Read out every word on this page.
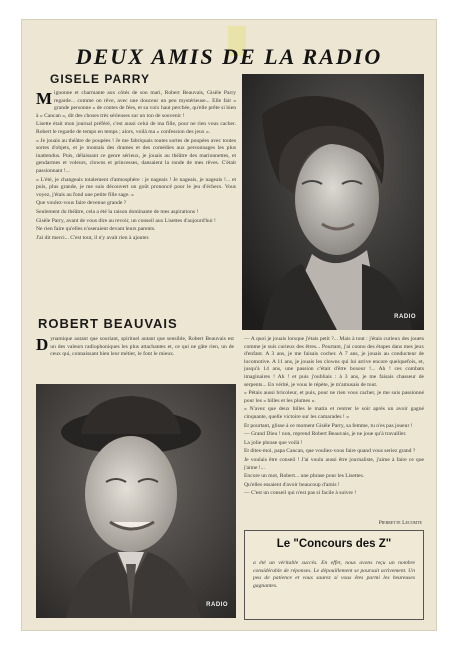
DEUX AMIS DE LA RADIO
GISELE PARRY
M ignonne et charmante aux côtés de son mari, Robert Beauvais, Gisèle Parry regarde... comme on rêve, avec une douceur un peu mystérieuse... Elle fait « grande personne » de contes de fées, et sa voix haut perchée, qu'elle prête si bien à « Cancan », dit des choses très sérieuses sur un ton de souvenir !

Lisette était mon journal préféré, c'est aussi celui de ma fille, pour ne rien vous cacher. Robert le regarde de temps en temps ; alors, voilà ma « confession des jeux ».

« Je jouais au théâtre de poupées ! Je me fabriquais toutes sortes de poupées avec toutes sortes d'objets, et je montais des drames et des comédies aux personnages les plus inattendus. Puis, délaissant ce genre sérieux, je jouais au théâtre des marionnettes, et gendarmes et voleurs, clowns et princesses, dansaient la ronde de mes rêves. C'était passionnant !...

« L'été, je changeais totalement d'atmosphère : je nageais ! Je nageais, je nageais !... et puis, plus grande, je me suis découvert un goût prononcé pour le jeu d'échecs. Vous voyez, j'étais au fond une petite fille sage. »

Que voulez-vous faire devenue grande ?

Seulement du théâtre, cela a été la raison dominante de mes aspirations !

Gisèle Parry, avant de vous dire au revoir, un conseil aux Lisettes d'aujourd'hui !

Ne rien faire qu'elles n'oseraient devant leurs parents.

J'ai dit merci... C'est tout, il n'y avait rien à ajouter.

RADIO
ROBERT BEAUVAIS
D ynamique autant que souriant, spirituel autant que sensible, Robert Beauvais est un des valeurs radiophoniques les plus attachantes et, ce qui ne gâte rien, un de ceux qui, connaissant bien leur métier, le font le mieux.

RADIO

— A quoi je jouais lorsque j'étais petit ?... Mais à tout : j'étais curieux des jouets comme je suis curieux des êtres... Pourtant, j'ai connu des étapes dans mes jeux d'enfant. A 3 ans, je me faisais cocher. A 7 ans, je jouais au conducteur de locomotive. A 11 ans, je jouais les clowns qui lui arrive encore quelquefois, et, jusqu'à 14 ans, une passion c'était d'être boxeur !... Ah ! ces combats imaginaires ! Ah ! et puis j'oubliais : à 3 ans, je me faisais chasseur de serpents... En vérité, je vous le répète, je m'amusais de tout.

« Pétais aussi bricoleur, et puis, pour ne rien vous cacher, je me suis passionné pour les « billes et les plumes ».

« N'avez que deux billes le matin et rentrer le soir après un avoir gagné cinquante, quelle victoire sur les camarades ! »

Et pourtant, glisse à ce moment Gisèle Parry, sa femme, tu n'es pas joueur !

— Grand Dieu ! non, reprend Robert Beauvais, je ne joue qu'à travailler.

La jolie phrase que voilà !

Et dites-moi, papa Cancan, que vouliez-vous faire quand vous seriez grand ?

Je voulais être conseil ! J'ai voulu aussi être journaliste, j'aime à faire ce que j'aime !...

Encore un mot, Robert... une phrase pour les Lisettes.

Qu'elles essaient d'avoir beaucoup d'amis !

— C'est un conseil qui n'est pas si facile à suivre !

Pierrette Lecomte
Le "Concours des Z"
a été un véritable succès. En effet, nous avons reçu un nombre considérable de réponses. Le dépouillement se poursuit activement. Un peu de patience et vous saurez si vous êtes parmi les heureuses gagnantes.
